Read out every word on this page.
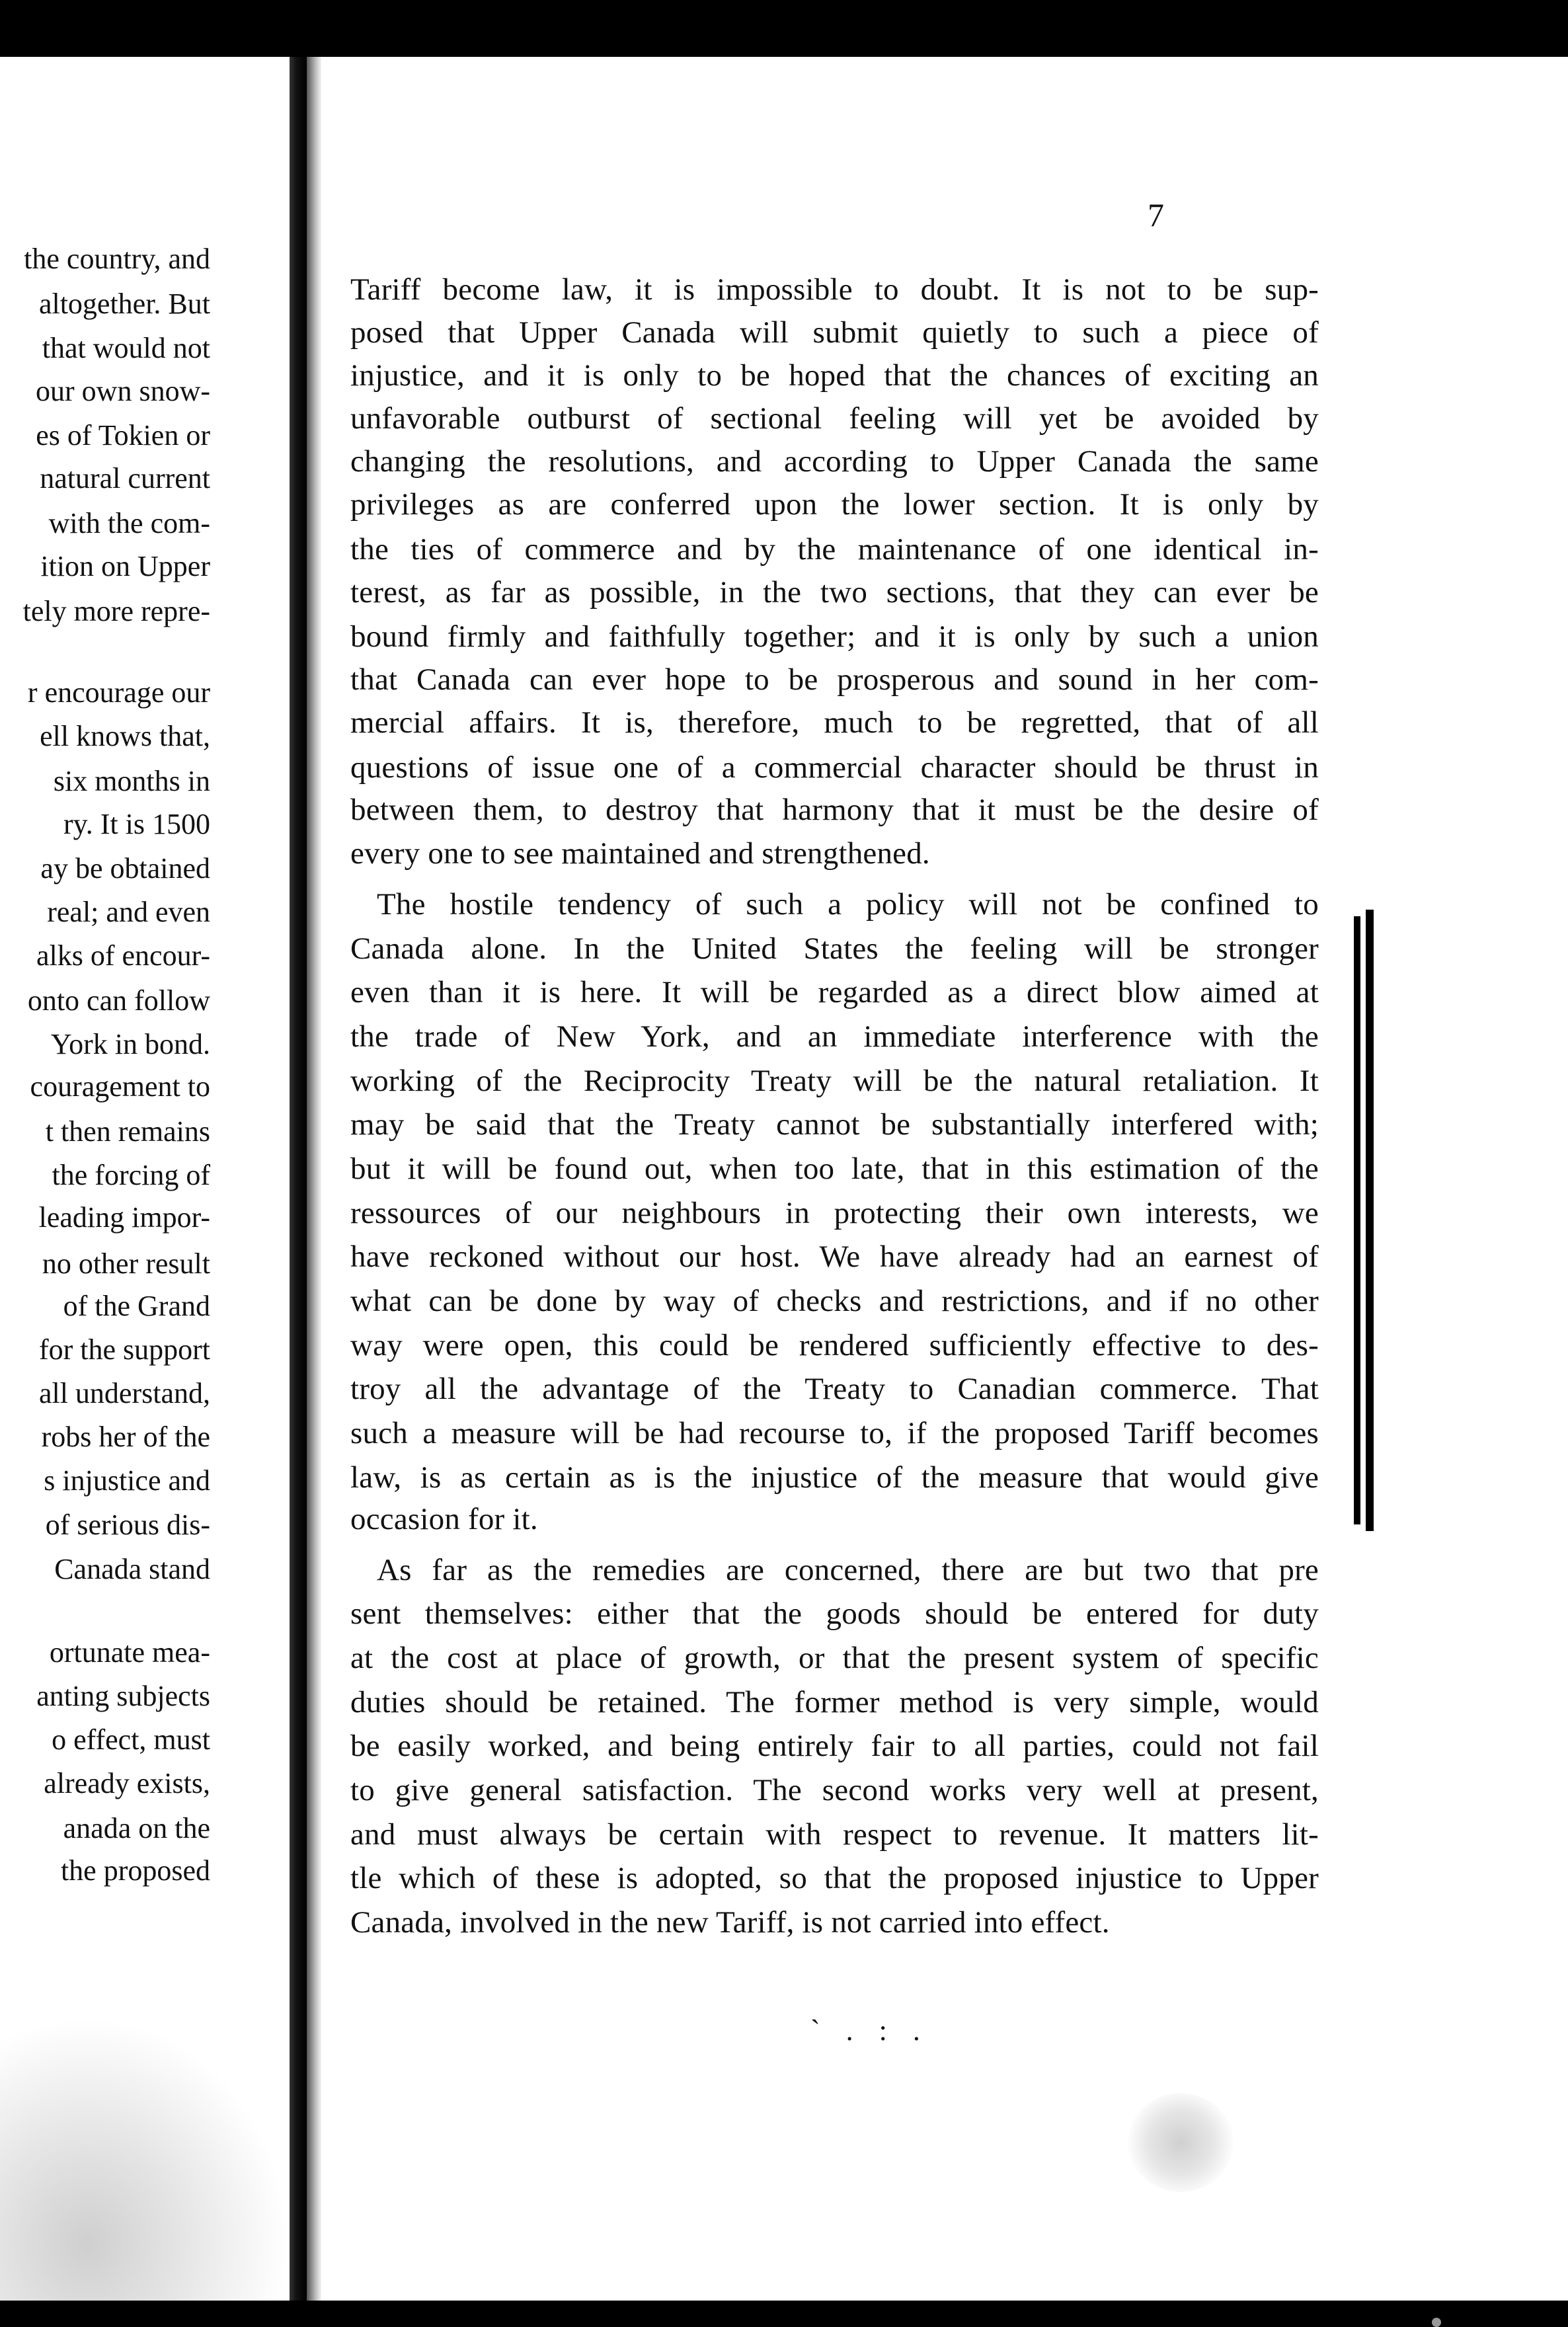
the country, and
altogether. But
that would not
our own snow-
es of Tokien or
natural current
with the com-
ition on Upper
tely more repre-
r encourage our
ell knows that,
six months in
ry. It is 1500
ay be obtained
real; and even
alks of encour-
onto can follow
York in bond.
couragement to
t then remains
the forcing of
leading impor-
no other result
of the Grand
for the support
all understand,
robs her of the
s injustice and
of serious dis-
Canada stand
ortunate mea-
anting subjects
o effect, must
already exists,
anada on the
the proposed
7
` . : .
Tariff become law, it is impossible to doubt. It is not to be sup-
posed that Upper Canada will submit quietly to such a piece of
injustice, and it is only to be hoped that the chances of exciting an
unfavorable outburst of sectional feeling will yet be avoided by
changing the resolutions, and according to Upper Canada the same
privileges as are conferred upon the lower section. It is only by
the ties of commerce and by the maintenance of one identical in-
terest, as far as possible, in the two sections, that they can ever be
bound firmly and faithfully together; and it is only by such a union
that Canada can ever hope to be prosperous and sound in her com-
mercial affairs. It is, therefore, much to be regretted, that of all
questions of issue one of a commercial character should be thrust in
between them, to destroy that harmony that it must be the desire of
every one to see maintained and strengthened.
The hostile tendency of such a policy will not be confined to
Canada alone. In the United States the feeling will be stronger
even than it is here. It will be regarded as a direct blow aimed at
the trade of New York, and an immediate interference with the
working of the Reciprocity Treaty will be the natural retaliation. It
may be said that the Treaty cannot be substantially interfered with;
but it will be found out, when too late, that in this estimation of the
ressources of our neighbours in protecting their own interests, we
have reckoned without our host. We have already had an earnest of
what can be done by way of checks and restrictions, and if no other
way were open, this could be rendered sufficiently effective to des-
troy all the advantage of the Treaty to Canadian commerce. That
such a measure will be had recourse to, if the proposed Tariff becomes
law, is as certain as is the injustice of the measure that would give
occasion for it.
As far as the remedies are concerned, there are but two that pre
sent themselves: either that the goods should be entered for duty
at the cost at place of growth, or that the present system of specific
duties should be retained. The former method is very simple, would
be easily worked, and being entirely fair to all parties, could not fail
to give general satisfaction. The second works very well at present,
and must always be certain with respect to revenue. It matters lit-
tle which of these is adopted, so that the proposed injustice to Upper
Canada, involved in the new Tariff, is not carried into effect.
